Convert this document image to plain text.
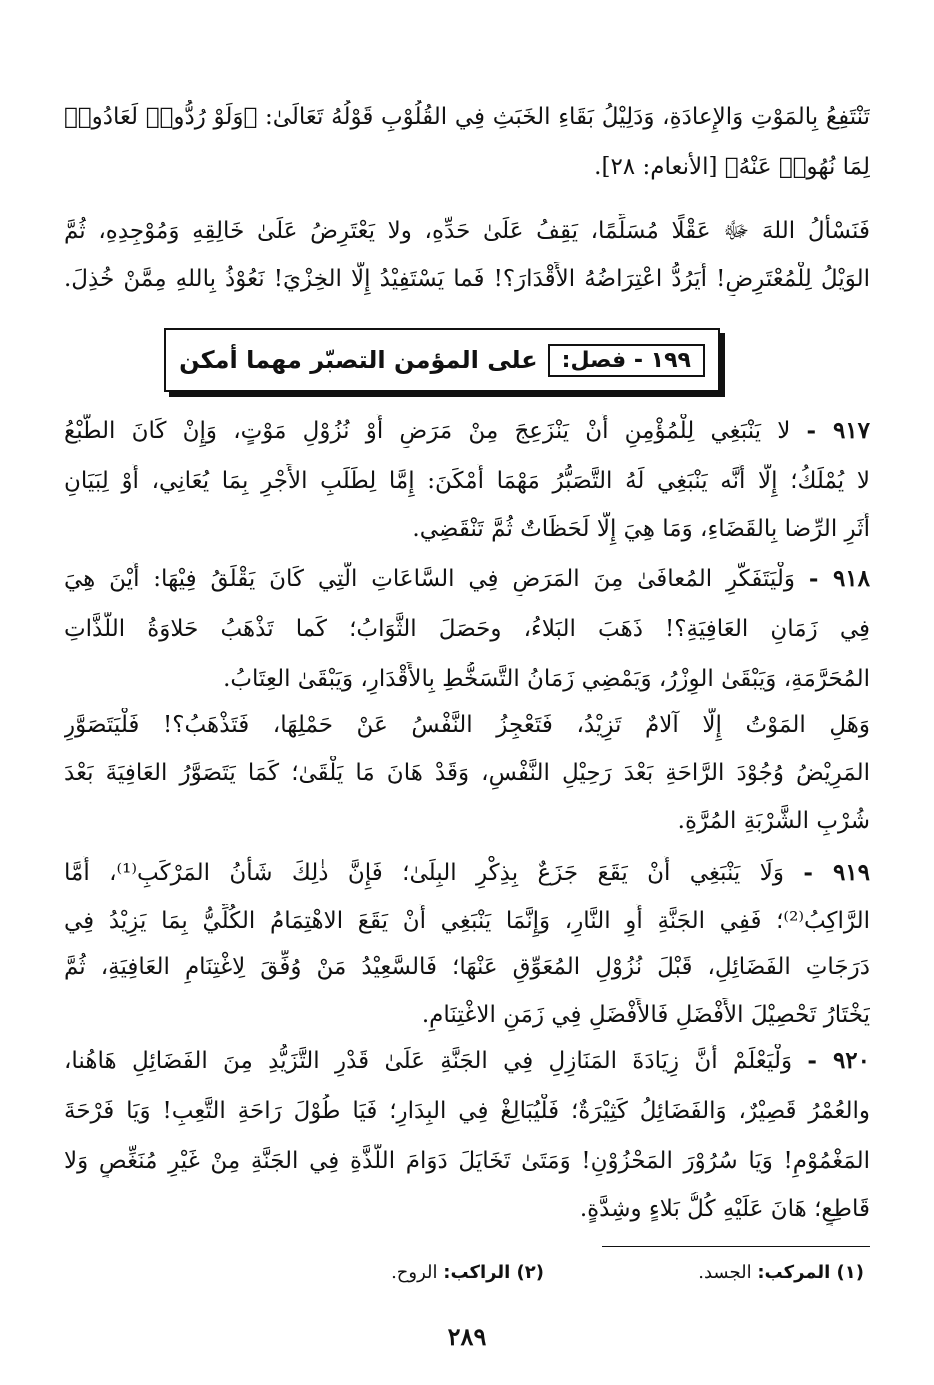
تَنْتَفِعُ بِالمَوْتِ وَالإِعادَةِ، وَدَلِيْلُ بَقَاءِ الخَبَثِ فِي القُلُوْبِ قَوْلُهُ تَعَالَىٰ: ﴿وَلَوْ رُدُّوا۟ لَعَادُوا۟
لِمَا نُهُوا۟ عَنْهُ﴾ [الأنعام: ٢٨].
فَنَسْأَلُ اللهَ ﷻ عَقْلًا مُسَلِّمًا، يَقِفُ عَلَىٰ حَدِّهِ، ولا يَعْتَرِضُ عَلَىٰ خَالِقِهِ وَمُوْجِدِهِ، ثُمَّ
الوَيْلُ لِلْمُعْتَرِضِ! أَيَرُدُّ اعْتِرَاضُهُ الأَقْدَارَ؟! فَما يَسْتَفِيْدُ إِلَّا الخِزْيَ! نَعُوْذُ بِاللهِ مِمَّنْ خُذِلَ.
١٩٩ - فصل:
على المؤمن التصبّر مهما أمكن
٩١٧ - لا يَنْبَغِي لِلْمُؤْمِنِ أَنْ يَنْزَعِجَ مِنْ مَرَضٍ أَوْ نُزُوْلِ مَوْتٍ، وَإِنْ كَانَ الطَّبْعُ
لا يُمْلَكُ؛ إِلَّا أَنَّه يَنْبَغِي لَهُ التَّصَبُّرُ مَهْمَا أَمْكَنَ: إِمَّا لِطَلَبِ الأَجْرِ بِمَا يُعَانِي، أَوْ لِبَيَانِ
أَثَرِ الرِّضا بِالقَضَاءِ، وَمَا هِيَ إِلَّا لَحَظَاتٌ ثُمَّ تَنْقَضِي.
٩١٨ - وَلْيَتَفَكَّرِ المُعافَىٰ مِنَ المَرَضِ فِي السَّاعَاتِ الَّتِي كَانَ يَقْلَقُ فِيْهَا: أَيْنَ هِيَ
فِي زَمَانِ العَافِيَةِ؟! ذَهَبَ البَلاءُ، وحَصَلَ الثَّوَابُ؛ كَما تَذْهَبُ حَلاوَةُ اللَّذَّاتِ
المُحَرَّمَةِ، وَيَبْقَىٰ الوِزْرُ، وَيَمْضِي زَمَانُ التَّسَخُّطِ بِالأَقْدَارِ، وَيَبْقَىٰ العِتَابُ.
وَهَلِ المَوْتُ إِلَّا آلامٌ تَزِيْدُ، فَتَعْجِزُ النَّفْسُ عَنْ حَمْلِهَا، فَتَذْهَبُ؟! فَلْيَتَصَوَّرِ
المَرِيْضُ وُجُوْدَ الرَّاحَةِ بَعْدَ رَحِيْلِ النَّفْسِ، وَقَدْ هَانَ مَا يَلْقَىٰ؛ كَمَا يَتَصَوَّرُ العَافِيَةَ بَعْدَ
شُرْبِ الشَّرْبَةِ المُرَّةِ.
٩١٩ - وَلَا يَنْبَغِي أَنْ يَقَعَ جَزَعٌ بِذِكْرِ البِلَىٰ؛ فَإِنَّ ذٰلِكَ شَأْنُ المَرْكَبِ⁽¹⁾، أَمَّا
الرَّاكِبُ⁽²⁾؛ فَفِي الجَنَّةِ أَوِ النَّارِ، وَإِنَّمَا يَنْبَغِي أَنْ يَقَعَ الاهْتِمَامُ الكُلِّيُّ بِمَا يَزِيْدُ فِي
دَرَجَاتِ الفَضَائِلِ، قَبْلَ نُزُوْلِ المُعَوِّقِ عَنْهَا؛ فَالسَّعِيْدُ مَنْ وُفِّقَ لِاغْتِنَامِ العَافِيَةِ، ثُمَّ
يَخْتَارُ تَحْصِيْلَ الأَفْضَلِ فَالأَفْضَلِ فِي زَمَنِ الاغْتِنَامِ.
٩٢٠ - وَلْيَعْلَمْ أَنَّ زِيَادَةَ المَنَازِلِ فِي الجَنَّةِ عَلَىٰ قَدْرِ التَّزَيُّدِ مِنَ الفَضَائِلِ هَاهُنا،
والعُمْرُ قَصِيْرٌ، وَالفَضَائِلُ كَثِيْرَةٌ؛ فَلْيُبَالِغْ فِي البِدَارِ؛ فَيَا طُوْلَ رَاحَةِ التَّعِبِ! وَيَا فَرْحَةَ
المَغْمُوْمِ! وَيَا سُرُوْرَ المَحْزُوْنِ! وَمَتَىٰ تَخَايَلَ دَوَامَ اللَّذَّةِ فِي الجَنَّةِ مِنْ غَيْرِ مُنَغِّصٍ وَلا
قَاطِعٍ؛ هَانَ عَلَيْهِ كُلُّ بَلاءٍ وشِدَّةٍ.
(١) المركب: الجسد.
(٢) الراكب: الروح.
٢٨٩
